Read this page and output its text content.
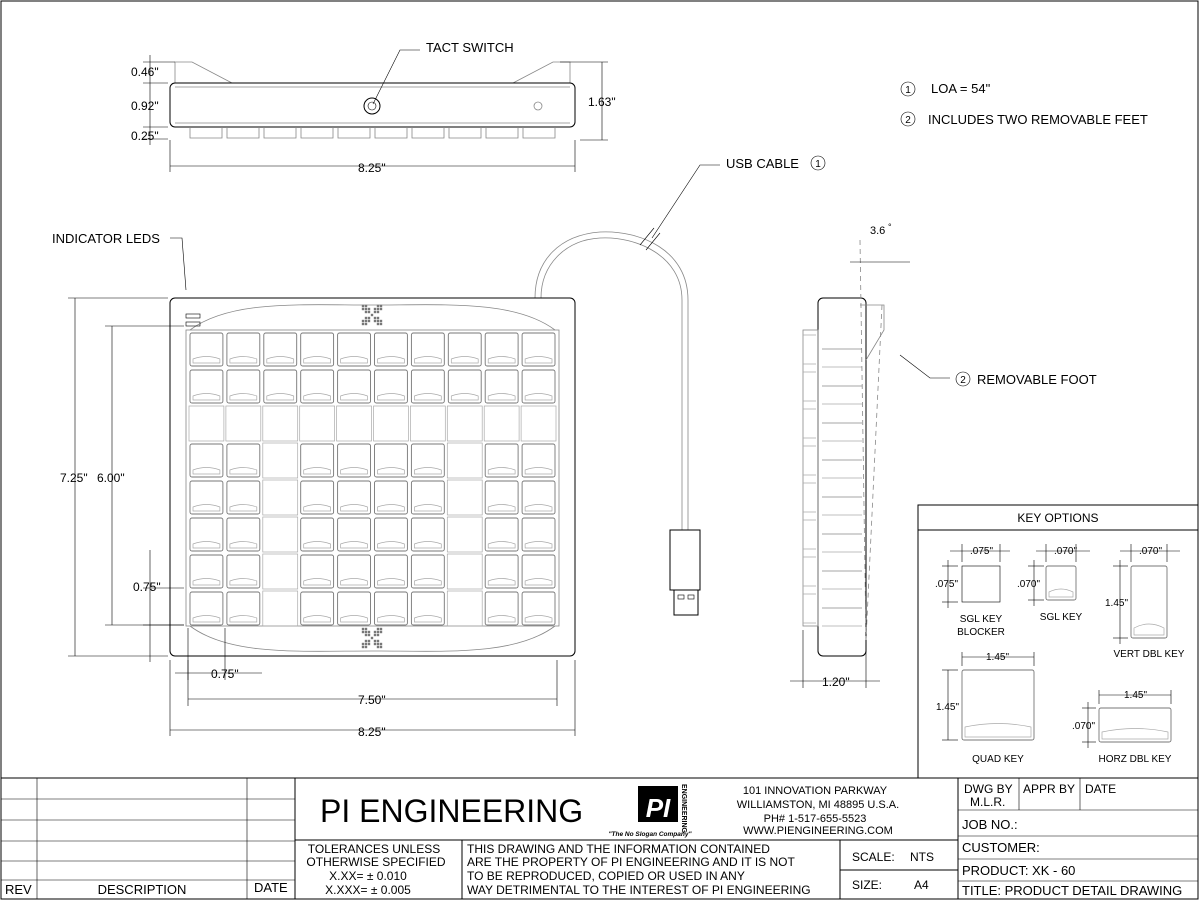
TACT SWITCH
0.46"
0.92"
0.25"
1.63"
8.25"
1 LOA = 54"
2 INCLUDES TWO REMOVABLE FEET
USB CABLE 1
INDICATOR LEDS
7.25" 6.00"
0.75"
0.75"
7.50"
8.25"
3.6 °
2 REMOVABLE FOOT
1.20"
KEY OPTIONS
.075"
.075"
SGL KEY
BLOCKER
.070"
.070"
SGL KEY
.070"
1.45"
VERT DBL KEY
1.45"
1.45"
QUAD KEY
1.45"
.070"
HORZ DBL KEY
REV	DESCRIPTION	DATE
PI ENGINEERING PI ENGINEERING
"The No Slogan Company"
101 INNOVATION PARKWAY
WILLIAMSTON, MI 48895 U.S.A.
PH# 1-517-655-5523
WWW.PIENGINEERING.COM
TOLERANCES UNLESS
OTHERWISE SPECIFIED
X.XX= ± 0.010
X.XXX= ± 0.005
THIS DRAWING AND THE INFORMATION CONTAINED
ARE THE PROPERTY OF PI ENGINEERING AND IT IS NOT
TO BE REPRODUCED, COPIED OR USED IN ANY
WAY DETRIMENTAL TO THE INTEREST OF PI ENGINEERING
SCALE: NTS
SIZE:	A4
DWG BY
M.L.R.
APPR BY DATE
JOB NO.:
CUSTOMER:
PRODUCT: XK - 60
TITLE: PRODUCT DETAIL DRAWING
